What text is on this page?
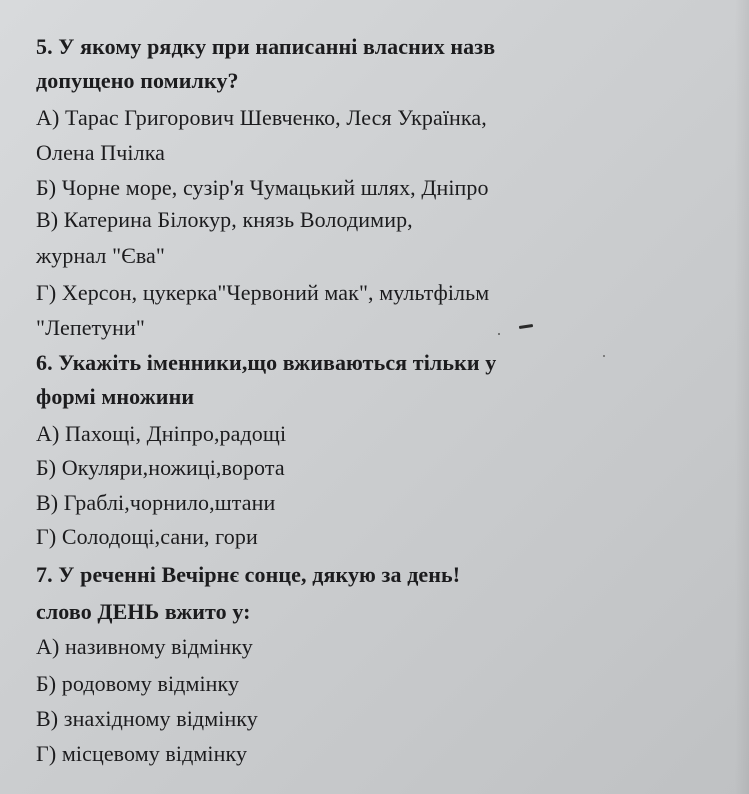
5. У якому рядку при написанні власних назв
допущено помилку?
А) Тарас Григорович Шевченко, Леся Українка,
Олена Пчілка
Б) Чорне море, сузір'я Чумацький шлях, Дніпро
В) Катерина Білокур, князь Володимир,
журнал "Єва"
Г) Херсон, цукерка"Червоний мак", мультфільм
"Лепетуни"
6. Укажіть іменники,що вживаються тільки у
формі множини
А) Пахощі, Дніпро,радощі
Б) Окуляри,ножиці,ворота
В) Граблі,чорнило,штани
Г) Солодощі,сани, гори
7. У реченні Вечірнє сонце, дякую за день!
слово ДЕНЬ вжито у:
А) називному відмінку
Б) родовому відмінку
В) знахідному відмінку
Г) місцевому відмінку
